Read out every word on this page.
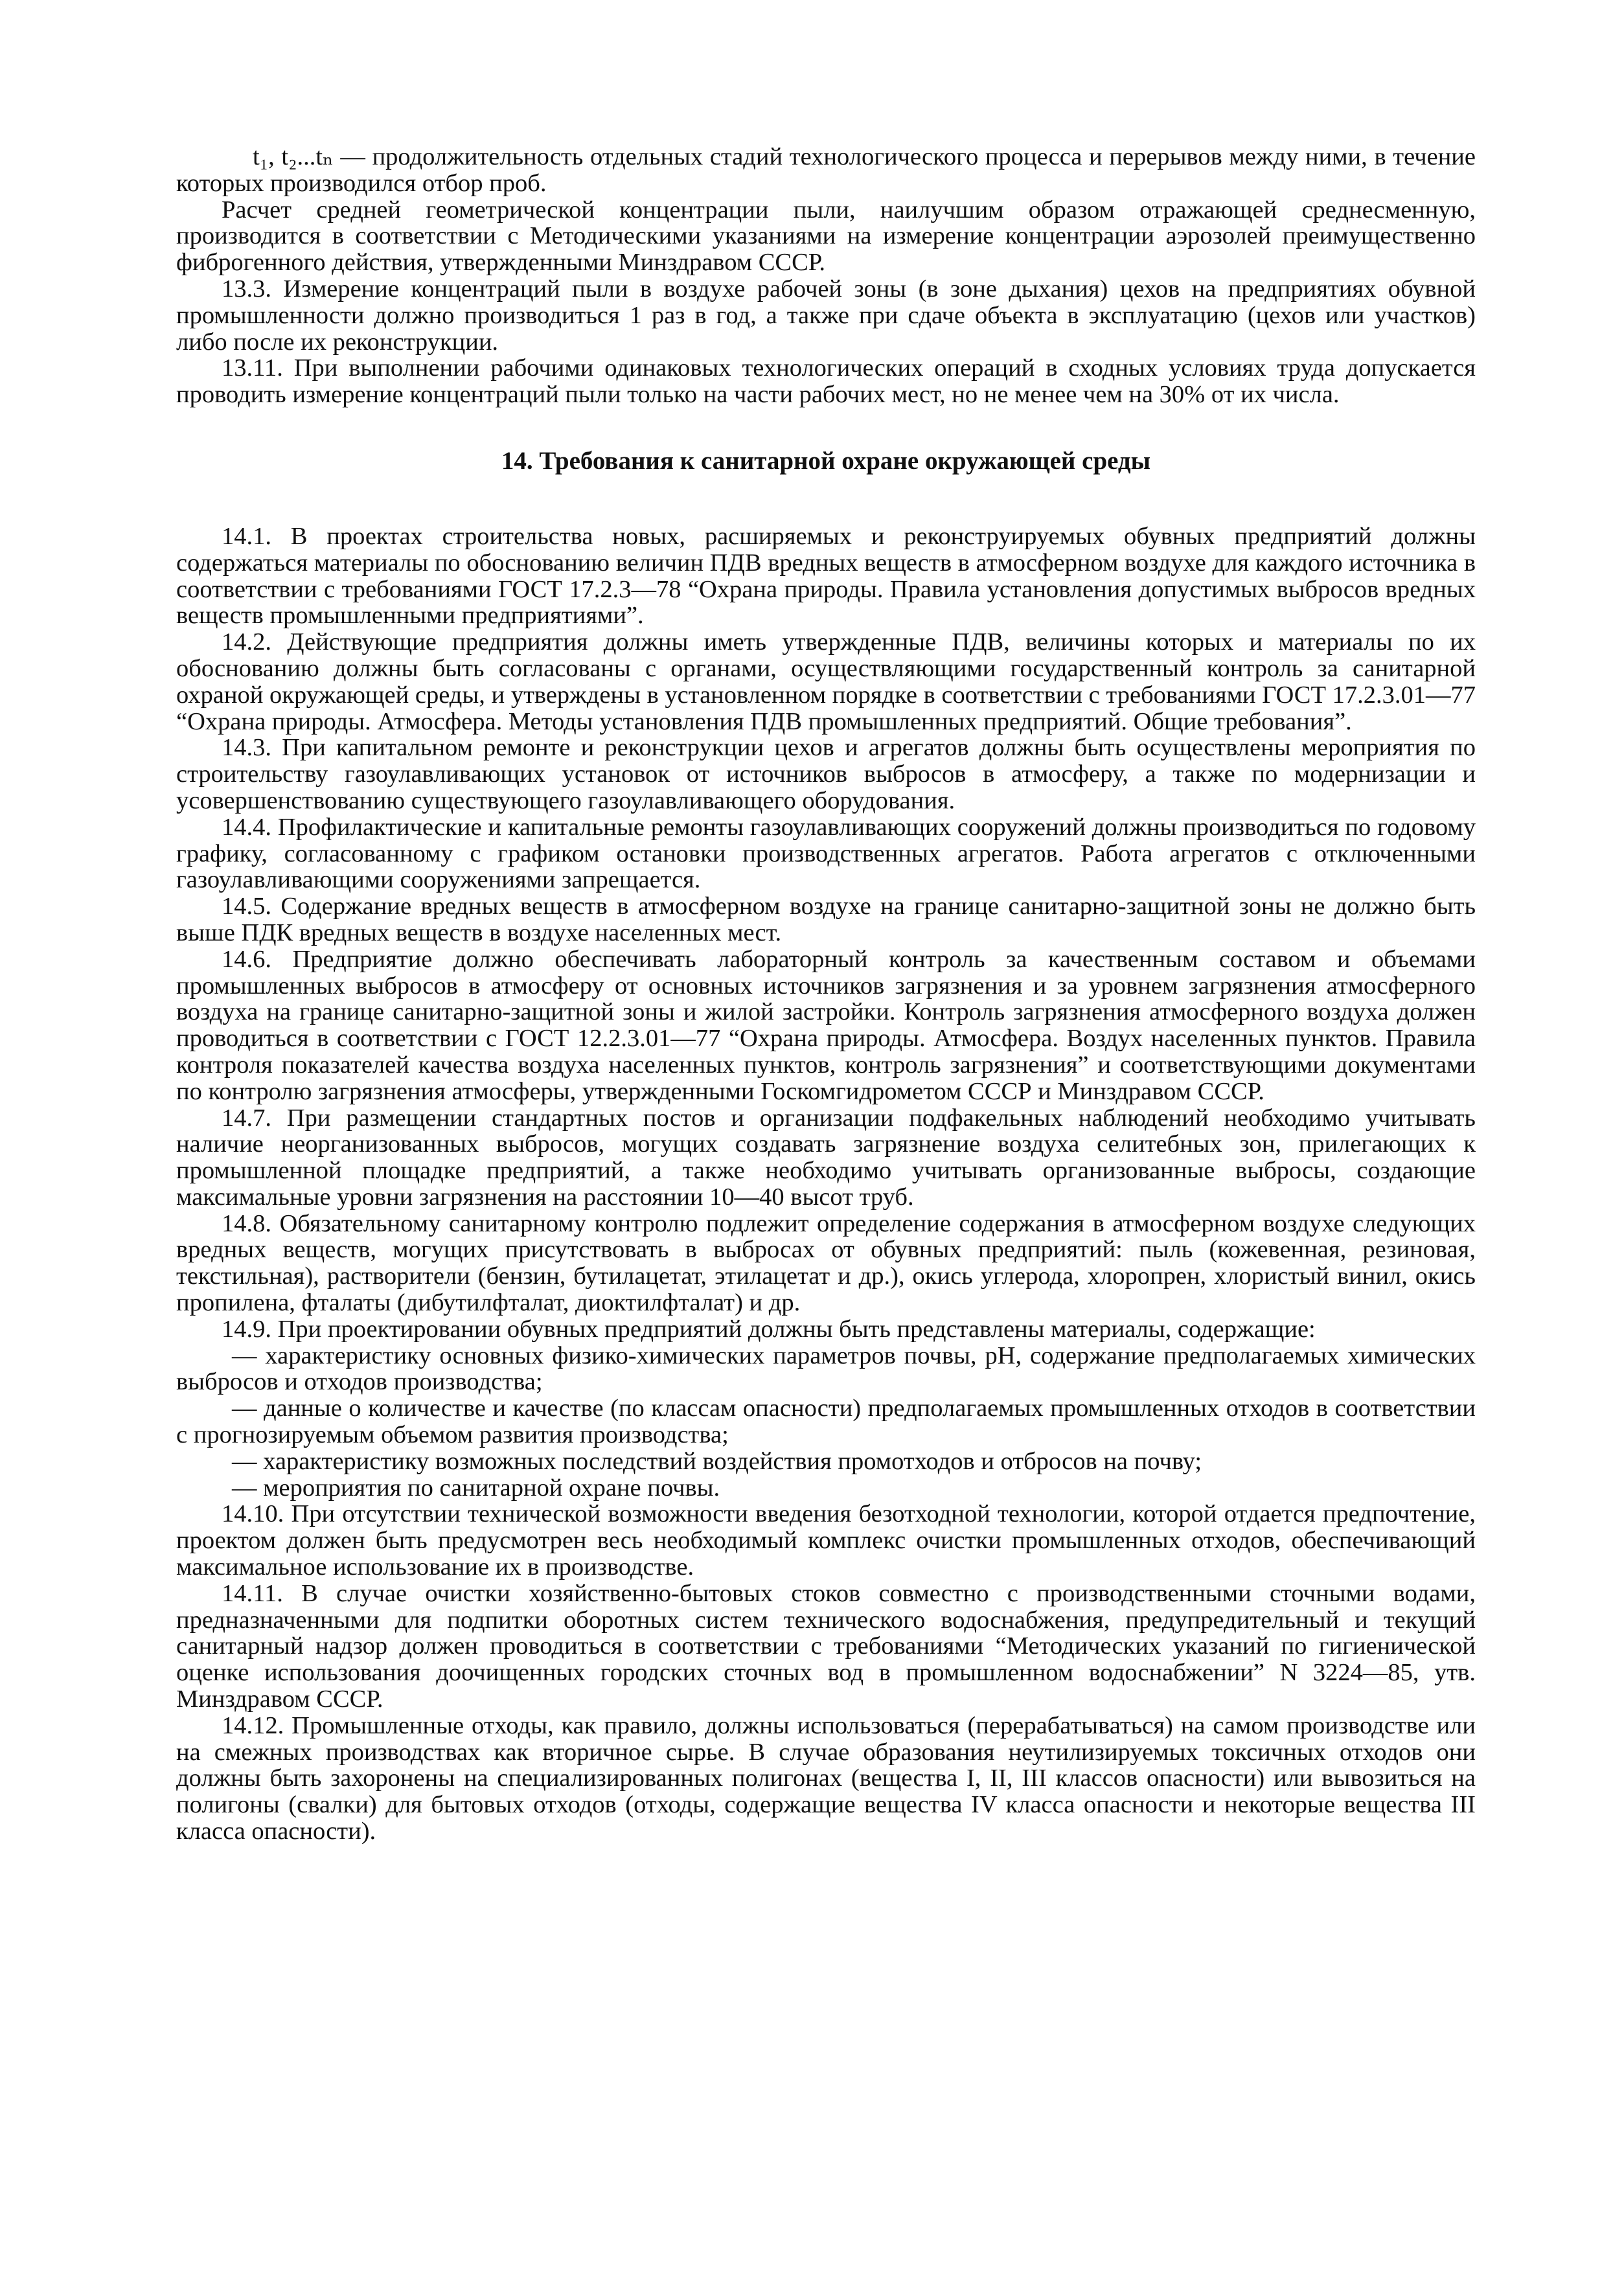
t₁, t₂...tₙ — продолжительность отдельных стадий технологического процесса и перерывов между ними, в течение которых производился отбор проб.

Расчет средней геометрической концентрации пыли, наилучшим образом отражающей среднесменную, производится в соответствии с Методическими указаниями на измерение концентрации аэрозолей преимущественно фиброгенного действия, утвержденными Минздравом СССР.

13.3. Измерение концентраций пыли в воздухе рабочей зоны (в зоне дыхания) цехов на предприятиях обувной промышленности должно производиться 1 раз в год, а также при сдаче объекта в эксплуатацию (цехов или участков) либо после их реконструкции.

13.11. При выполнении рабочими одинаковых технологических операций в сходных условиях труда допускается проводить измерение концентраций пыли только на части рабочих мест, но не менее чем на 30% от их числа.

14. Требования к санитарной охране окружающей среды

14.1. В проектах строительства новых, расширяемых и реконструируемых обувных предприятий должны содержаться материалы по обоснованию величин ПДВ вредных веществ в атмосферном воздухе для каждого источника в соответствии с требованиями ГОСТ 17.2.3—78 “Охрана природы. Правила установления допустимых выбросов вредных веществ промышленными предприятиями”.

14.2. Действующие предприятия должны иметь утвержденные ПДВ, величины которых и материалы по их обоснованию должны быть согласованы с органами, осуществляющими государственный контроль за санитарной охраной окружающей среды, и утверждены в установленном порядке в соответствии с требованиями ГОСТ 17.2.3.01—77 “Охрана природы. Атмосфера. Методы установления ПДВ промышленных предприятий. Общие требования”.

14.3. При капитальном ремонте и реконструкции цехов и агрегатов должны быть осуществлены мероприятия по строительству газоулавливающих установок от источников выбросов в атмосферу, а также по модернизации и усовершенствованию существующего газоулавливающего оборудования.

14.4. Профилактические и капитальные ремонты газоулавливающих сооружений должны производиться по годовому графику, согласованному с графиком остановки производственных агрегатов. Работа агрегатов с отключенными газоулавливающими сооружениями запрещается.

14.5. Содержание вредных веществ в атмосферном воздухе на границе санитарно-защитной зоны не должно быть выше ПДК вредных веществ в воздухе населенных мест.

14.6. Предприятие должно обеспечивать лабораторный контроль за качественным составом и объемами промышленных выбросов в атмосферу от основных источников загрязнения и за уровнем загрязнения атмосферного воздуха на границе санитарно-защитной зоны и жилой застройки. Контроль загрязнения атмосферного воздуха должен проводиться в соответствии с ГОСТ 12.2.3.01—77 “Охрана природы. Атмосфера. Воздух населенных пунктов. Правила контроля показателей качества воздуха населенных пунктов, контроль загрязнения” и соответствующими документами по контролю загрязнения атмосферы, утвержденными Госкомгидрометом СССР и Минздравом СССР.

14.7. При размещении стандартных постов и организации подфакельных наблюдений необходимо учитывать наличие неорганизованных выбросов, могущих создавать загрязнение воздуха селитебных зон, прилегающих к промышленной площадке предприятий, а также необходимо учитывать организованные выбросы, создающие максимальные уровни загрязнения на расстоянии 10—40 высот труб.

14.8. Обязательному санитарному контролю подлежит определение содержания в атмосферном воздухе следующих вредных веществ, могущих присутствовать в выбросах от обувных предприятий: пыль (кожевенная, резиновая, текстильная), растворители (бензин, бутилацетат, этилацетат и др.), окись углерода, хлоропрен, хлористый винил, окись пропилена, фталаты (дибутилфталат, диоктилфталат) и др.

14.9. При проектировании обувных предприятий должны быть представлены материалы, содержащие:

— характеристику основных физико-химических параметров почвы, рН, содержание предполагаемых химических выбросов и отходов производства;

— данные о количестве и качестве (по классам опасности) предполагаемых промышленных отходов в соответствии с прогнозируемым объемом развития производства;

— характеристику возможных последствий воздействия промотходов и отбросов на почву;

— мероприятия по санитарной охране почвы.

14.10. При отсутствии технической возможности введения безотходной технологии, которой отдается предпочтение, проектом должен быть предусмотрен весь необходимый комплекс очистки промышленных отходов, обеспечивающий максимальное использование их в производстве.

14.11. В случае очистки хозяйственно-бытовых стоков совместно с производственными сточными водами, предназначенными для подпитки оборотных систем технического водоснабжения, предупредительный и текущий санитарный надзор должен проводиться в соответствии с требованиями “Методических указаний по гигиенической оценке использования доочищенных городских сточных вод в промышленном водоснабжении” N 3224—85, утв. Минздравом СССР.

14.12. Промышленные отходы, как правило, должны использоваться (перерабатываться) на самом производстве или на смежных производствах как вторичное сырье. В случае образования неутилизируемых токсичных отходов они должны быть захоронены на специализированных полигонах (вещества I, II, III классов опасности) или вывозиться на полигоны (свалки) для бытовых отходов (отходы, содержащие вещества IV класса опасности и некоторые вещества III класса опасности).
